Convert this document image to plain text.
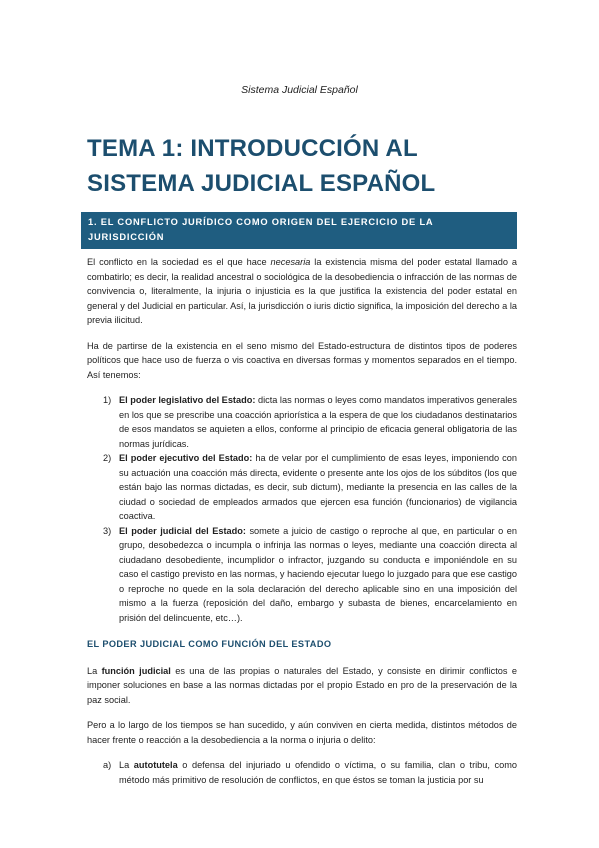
Sistema Judicial Español
TEMA 1: INTRODUCCIÓN AL
SISTEMA JUDICIAL ESPAÑOL
1. EL CONFLICTO JURÍDICO COMO ORIGEN DEL EJERCICIO DE LA
JURISDICCIÓN

El conflicto en la sociedad es el que hace necesaria la existencia misma del poder estatal llamado a combatirlo; es decir, la realidad ancestral o sociológica de la desobediencia o infracción de las normas de convivencia o, literalmente, la injuria o injusticia es la que justifica la existencia del poder estatal en general y del Judicial en particular. Así, la jurisdicción o iuris dictio significa, la imposición del derecho a la previa ilicitud.

Ha de partirse de la existencia en el seno mismo del Estado-estructura de distintos tipos de poderes políticos que hace uso de fuerza o vis coactiva en diversas formas y momentos separados en el tiempo. Así tenemos:

1) El poder legislativo del Estado: dicta las normas o leyes como mandatos imperativos generales en los que se prescribe una coacción apriorística a la espera de que los ciudadanos destinatarios de esos mandatos se aquieten a ellos, conforme al principio de eficacia general obligatoria de las normas jurídicas.
2) El poder ejecutivo del Estado: ha de velar por el cumplimiento de esas leyes, imponiendo con su actuación una coacción más directa, evidente o presente ante los ojos de los súbditos (los que están bajo las normas dictadas, es decir, sub dictum), mediante la presencia en las calles de la ciudad o sociedad de empleados armados que ejercen esa función (funcionarios) de vigilancia coactiva.
3) El poder judicial del Estado: somete a juicio de castigo o reproche al que, en particular o en grupo, desobedezca o incumpla o infrinja las normas o leyes, mediante una coacción directa al ciudadano desobediente, incumplidor o infractor, juzgando su conducta e imponiéndole en su caso el castigo previsto en las normas, y haciendo ejecutar luego lo juzgado para que ese castigo o reproche no quede en la sola declaración del derecho aplicable sino en una imposición del mismo a la fuerza (reposición del daño, embargo y subasta de bienes, encarcelamiento en prisión del delincuente, etc…).
EL PODER JUDICIAL COMO FUNCIÓN DEL ESTADO

La función judicial es una de las propias o naturales del Estado, y consiste en dirimir conflictos e imponer soluciones en base a las normas dictadas por el propio Estado en pro de la preservación de la paz social.

Pero a lo largo de los tiempos se han sucedido, y aún conviven en cierta medida, distintos métodos de hacer frente o reacción a la desobediencia a la norma o injuria o delito:

a) La autotutela o defensa del injuriado u ofendido o víctima, o su familia, clan o tribu, como método más primitivo de resolución de conflictos, en que éstos se toman la justicia por su
